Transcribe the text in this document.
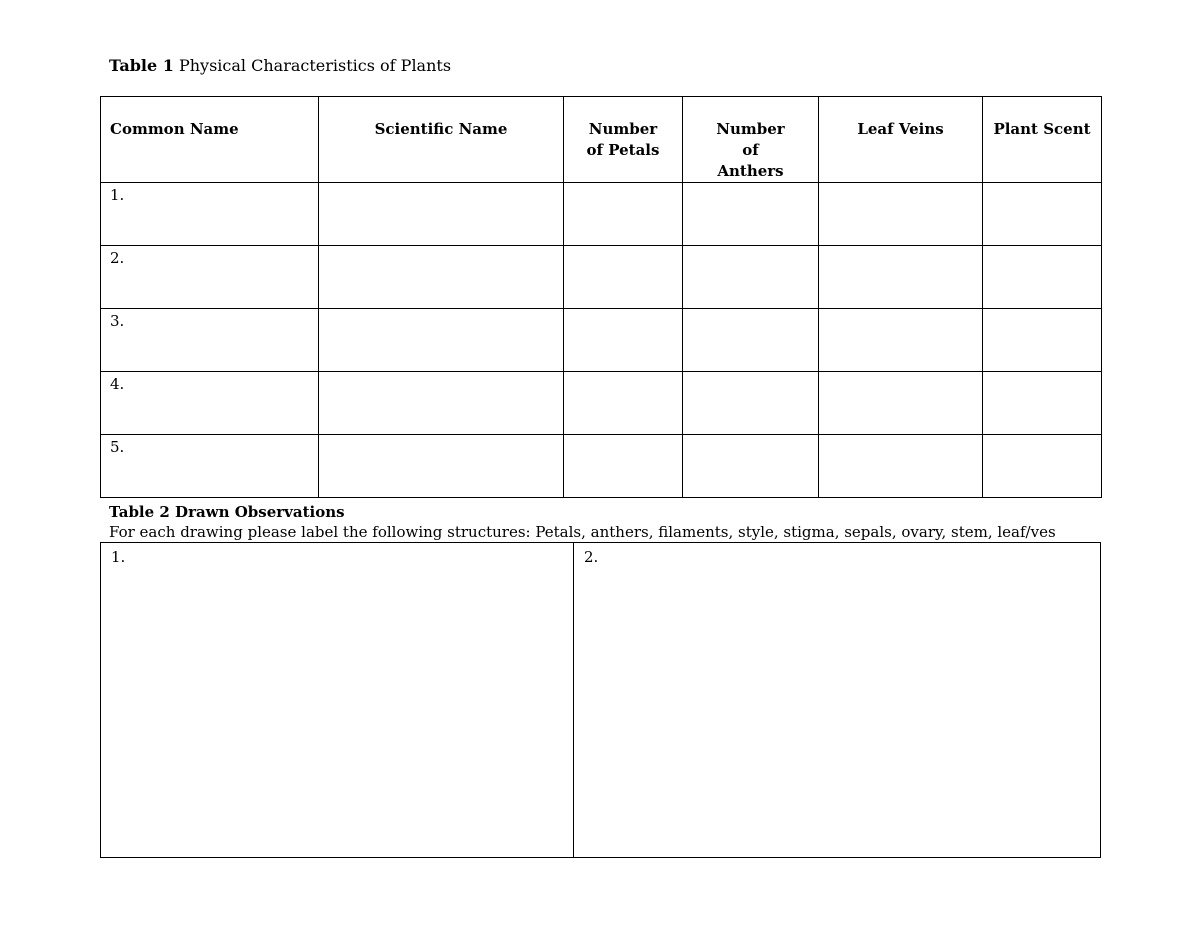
Table 1 Physical Characteristics of Plants
Common Name	Scientific Name	Number of Petals	Number of Anthers	Leaf Veins	Plant Scent
1.					
2.					
3.					
4.					
5.					
Table 2 Drawn Observations
For each drawing please label the following structures: Petals, anthers, filaments, style, stigma, sepals, ovary, stem, leaf/ves
1.	2.
